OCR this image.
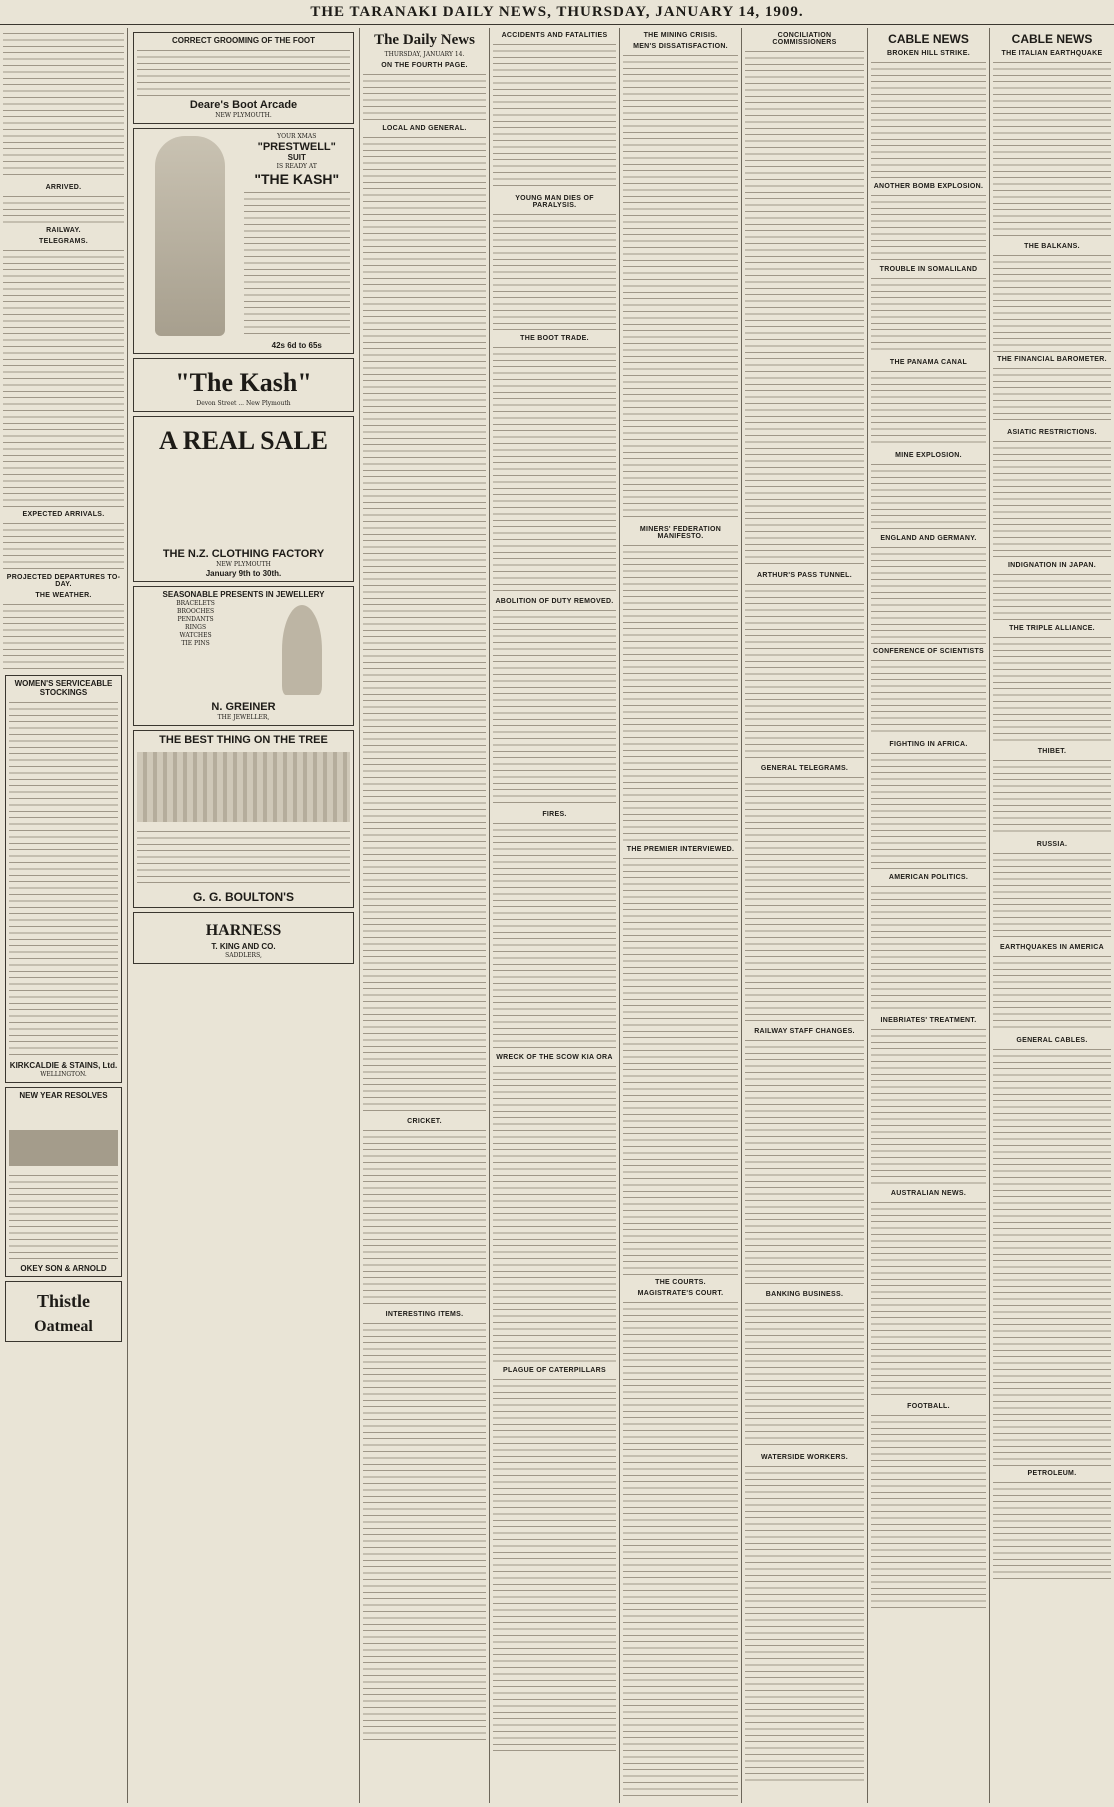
THE TARANAKI DAILY NEWS, THURSDAY, JANUARY 14, 1909.
ARRIVED.
RAILWAY.
TELEGRAMS.
EXPECTED ARRIVALS.
PROJECTED DEPARTURES TO-DAY.
THE WEATHER.
WOMEN'S SERVICEABLE STOCKINGS
KIRKCALDIE & STAINS, Ltd.
WELLINGTON.
NEW YEAR RESOLVES
OKEY SON & ARNOLD
Thistle
Oatmeal
CORRECT GROOMING OF THE FOOT
Deare's Boot Arcade
NEW PLYMOUTH.
YOUR XMAS
"PRESTWELL"
SUIT
IS READY AT
"THE KASH"
42s 6d to 65s
"The Kash"
Devon Street ... New Plymouth
A REAL SALE
THE N.Z. CLOTHING FACTORY
NEW PLYMOUTH
January 9th to 30th.
SEASONABLE PRESENTS IN JEWELLERY
BRACELETS
BROOCHES
PENDANTS
RINGS
WATCHES
TIE PINS
N. GREINER
THE JEWELLER,
THE BEST THING ON THE TREE
G. G. BOULTON'S
HARNESS
T. KING AND CO.
SADDLERS,
The Daily News
THURSDAY, JANUARY 14.
ON THE FOURTH PAGE.
LOCAL AND GENERAL.
CRICKET.
INTERESTING ITEMS.
ACCIDENTS AND FATALITIES
YOUNG MAN DIES OF PARALYSIS.
THE BOOT TRADE.
ABOLITION OF DUTY REMOVED.
FIRES.
WRECK OF THE SCOW KIA ORA
PLAGUE OF CATERPILLARS
THE MINING CRISIS.
MEN'S DISSATISFACTION.
MINERS' FEDERATION MANIFESTO.
THE PREMIER INTERVIEWED.
THE COURTS.
MAGISTRATE'S COURT.
CONCILIATION COMMISSIONERS
ARTHUR'S PASS TUNNEL.
GENERAL TELEGRAMS.
RAILWAY STAFF CHANGES.
BANKING BUSINESS.
WATERSIDE WORKERS.
CABLE NEWS
BROKEN HILL STRIKE.
ANOTHER BOMB EXPLOSION.
TROUBLE IN SOMALILAND
THE PANAMA CANAL
MINE EXPLOSION.
ENGLAND AND GERMANY.
CONFERENCE OF SCIENTISTS
FIGHTING IN AFRICA.
AMERICAN POLITICS.
INEBRIATES' TREATMENT.
AUSTRALIAN NEWS.
FOOTBALL.
CABLE NEWS
THE ITALIAN EARTHQUAKE
THE BALKANS.
THE FINANCIAL BAROMETER.
ASIATIC RESTRICTIONS.
INDIGNATION IN JAPAN.
THE TRIPLE ALLIANCE.
THIBET.
RUSSIA.
EARTHQUAKES IN AMERICA
GENERAL CABLES.
PETROLEUM.
